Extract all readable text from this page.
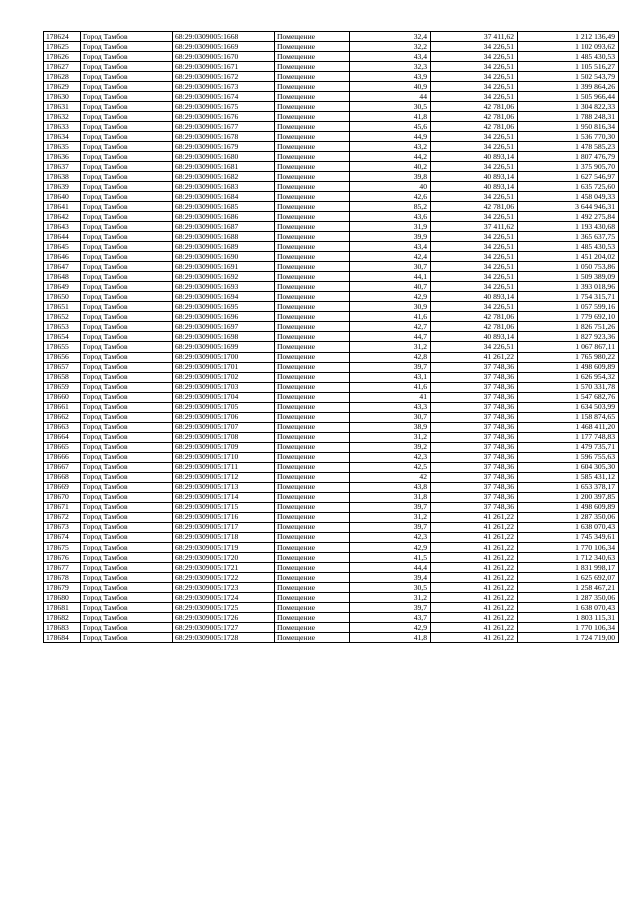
178624	Город Тамбов	68:29:0309005:1668	Помещение	32,4	37 411,62	1 212 136,49
178625	Город Тамбов	68:29:0309005:1669	Помещение	32,2	34 226,51	1 102 093,62
178626	Город Тамбов	68:29:0309005:1670	Помещение	43,4	34 226,51	1 485 430,53
178627	Город Тамбов	68:29:0309005:1671	Помещение	32,3	34 226,51	1 105 516,27
178628	Город Тамбов	68:29:0309005:1672	Помещение	43,9	34 226,51	1 502 543,79
178629	Город Тамбов	68:29:0309005:1673	Помещение	40,9	34 226,51	1 399 864,26
178630	Город Тамбов	68:29:0309005:1674	Помещение	44	34 226,51	1 505 966,44
178631	Город Тамбов	68:29:0309005:1675	Помещение	30,5	42 781,06	1 304 822,33
178632	Город Тамбов	68:29:0309005:1676	Помещение	41,8	42 781,06	1 788 248,31
178633	Город Тамбов	68:29:0309005:1677	Помещение	45,6	42 781,06	1 950 816,34
178634	Город Тамбов	68:29:0309005:1678	Помещение	44,9	34 226,51	1 536 770,30
178635	Город Тамбов	68:29:0309005:1679	Помещение	43,2	34 226,51	1 478 585,23
178636	Город Тамбов	68:29:0309005:1680	Помещение	44,2	40 893,14	1 807 476,79
178637	Город Тамбов	68:29:0309005:1681	Помещение	40,2	34 226,51	1 375 905,70
178638	Город Тамбов	68:29:0309005:1682	Помещение	39,8	40 893,14	1 627 546,97
178639	Город Тамбов	68:29:0309005:1683	Помещение	40	40 893,14	1 635 725,60
178640	Город Тамбов	68:29:0309005:1684	Помещение	42,6	34 226,51	1 458 049,33
178641	Город Тамбов	68:29:0309005:1685	Помещение	85,2	42 781,06	3 644 946,31
178642	Город Тамбов	68:29:0309005:1686	Помещение	43,6	34 226,51	1 492 275,84
178643	Город Тамбов	68:29:0309005:1687	Помещение	31,9	37 411,62	1 193 430,68
178644	Город Тамбов	68:29:0309005:1688	Помещение	39,9	34 226,51	1 365 637,75
178645	Город Тамбов	68:29:0309005:1689	Помещение	43,4	34 226,51	1 485 430,53
178646	Город Тамбов	68:29:0309005:1690	Помещение	42,4	34 226,51	1 451 204,02
178647	Город Тамбов	68:29:0309005:1691	Помещение	30,7	34 226,51	1 050 753,86
178648	Город Тамбов	68:29:0309005:1692	Помещение	44,1	34 226,51	1 509 389,09
178649	Город Тамбов	68:29:0309005:1693	Помещение	40,7	34 226,51	1 393 018,96
178650	Город Тамбов	68:29:0309005:1694	Помещение	42,9	40 893,14	1 754 315,71
178651	Город Тамбов	68:29:0309005:1695	Помещение	30,9	34 226,51	1 057 599,16
178652	Город Тамбов	68:29:0309005:1696	Помещение	41,6	42 781,06	1 779 692,10
178653	Город Тамбов	68:29:0309005:1697	Помещение	42,7	42 781,06	1 826 751,26
178654	Город Тамбов	68:29:0309005:1698	Помещение	44,7	40 893,14	1 827 923,36
178655	Город Тамбов	68:29:0309005:1699	Помещение	31,2	34 226,51	1 067 867,11
178656	Город Тамбов	68:29:0309005:1700	Помещение	42,8	41 261,22	1 765 980,22
178657	Город Тамбов	68:29:0309005:1701	Помещение	39,7	37 748,36	1 498 609,89
178658	Город Тамбов	68:29:0309005:1702	Помещение	43,1	37 748,36	1 626 954,32
178659	Город Тамбов	68:29:0309005:1703	Помещение	41,6	37 748,36	1 570 331,78
178660	Город Тамбов	68:29:0309005:1704	Помещение	41	37 748,36	1 547 682,76
178661	Город Тамбов	68:29:0309005:1705	Помещение	43,3	37 748,36	1 634 503,99
178662	Город Тамбов	68:29:0309005:1706	Помещение	30,7	37 748,36	1 158 874,65
178663	Город Тамбов	68:29:0309005:1707	Помещение	38,9	37 748,36	1 468 411,20
178664	Город Тамбов	68:29:0309005:1708	Помещение	31,2	37 748,36	1 177 748,83
178665	Город Тамбов	68:29:0309005:1709	Помещение	39,2	37 748,36	1 479 735,71
178666	Город Тамбов	68:29:0309005:1710	Помещение	42,3	37 748,36	1 596 755,63
178667	Город Тамбов	68:29:0309005:1711	Помещение	42,5	37 748,36	1 604 305,30
178668	Город Тамбов	68:29:0309005:1712	Помещение	42	37 748,36	1 585 431,12
178669	Город Тамбов	68:29:0309005:1713	Помещение	43,8	37 748,36	1 653 378,17
178670	Город Тамбов	68:29:0309005:1714	Помещение	31,8	37 748,36	1 200 397,85
178671	Город Тамбов	68:29:0309005:1715	Помещение	39,7	37 748,36	1 498 609,89
178672	Город Тамбов	68:29:0309005:1716	Помещение	31,2	41 261,22	1 287 350,06
178673	Город Тамбов	68:29:0309005:1717	Помещение	39,7	41 261,22	1 638 070,43
178674	Город Тамбов	68:29:0309005:1718	Помещение	42,3	41 261,22	1 745 349,61
178675	Город Тамбов	68:29:0309005:1719	Помещение	42,9	41 261,22	1 770 106,34
178676	Город Тамбов	68:29:0309005:1720	Помещение	41,5	41 261,22	1 712 340,63
178677	Город Тамбов	68:29:0309005:1721	Помещение	44,4	41 261,22	1 831 998,17
178678	Город Тамбов	68:29:0309005:1722	Помещение	39,4	41 261,22	1 625 692,07
178679	Город Тамбов	68:29:0309005:1723	Помещение	30,5	41 261,22	1 258 467,21
178680	Город Тамбов	68:29:0309005:1724	Помещение	31,2	41 261,22	1 287 350,06
178681	Город Тамбов	68:29:0309005:1725	Помещение	39,7	41 261,22	1 638 070,43
178682	Город Тамбов	68:29:0309005:1726	Помещение	43,7	41 261,22	1 803 115,31
178683	Город Тамбов	68:29:0309005:1727	Помещение	42,9	41 261,22	1 770 106,34
178684	Город Тамбов	68:29:0309005:1728	Помещение	41,8	41 261,22	1 724 719,00
